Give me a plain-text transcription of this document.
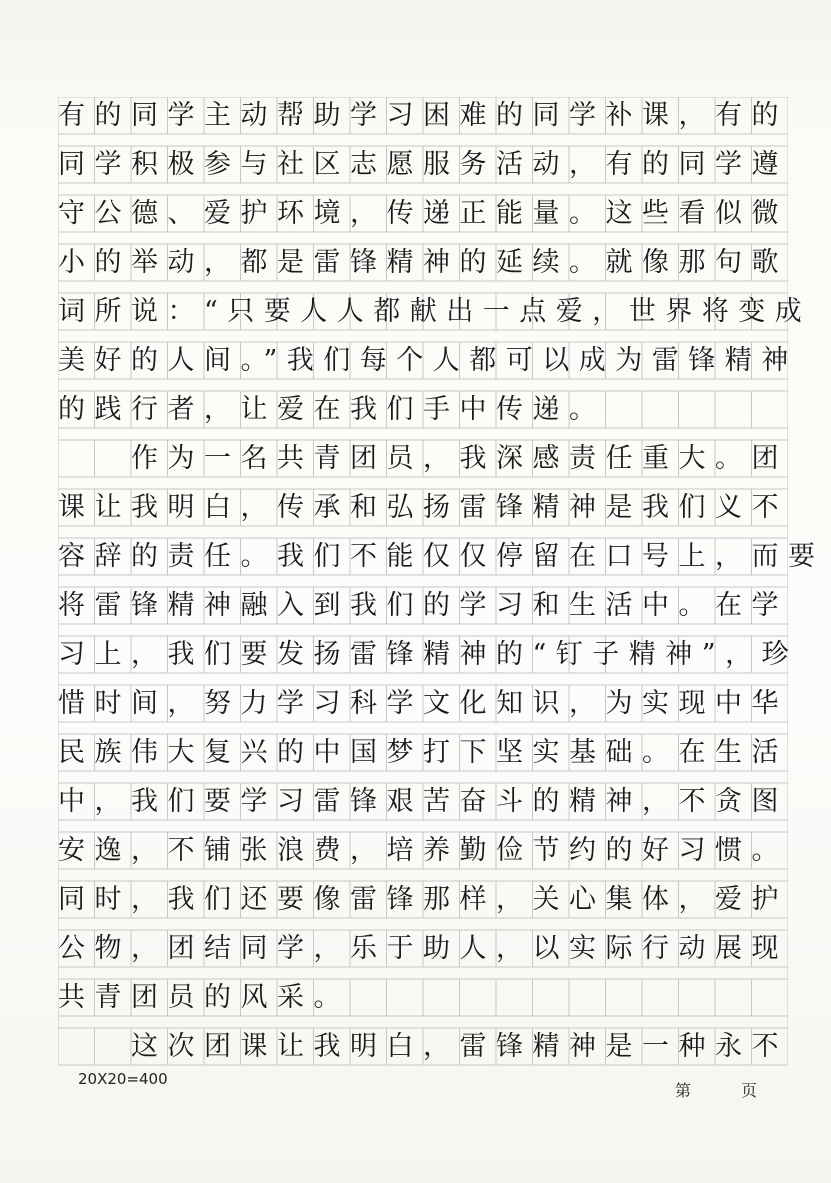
有的同学主动帮助学习困难的同学补课，有的
同学积极参与社区志愿服务活动，有的同学遵
守公德、爱护环境，传递正能量。这些看似微
小的举动，都是雷锋精神的延续。就像那句歌
词所说：“只要人人都献出一点爱，世界将变成
美好的人间。”我们每个人都可以成为雷锋精神
的践行者，让爱在我们手中传递。
　　作为一名共青团员，我深感责任重大。团
课让我明白，传承和弘扬雷锋精神是我们义不
容辞的责任。我们不能仅仅停留在口号上，而要
将雷锋精神融入到我们的学习和生活中。在学
习上，我们要发扬雷锋精神的“钉子精神”，珍
惜时间，努力学习科学文化知识，为实现中华
民族伟大复兴的中国梦打下坚实基础。在生活
中，我们要学习雷锋艰苦奋斗的精神，不贪图
安逸，不铺张浪费，培养勤俭节约的好习惯。
同时，我们还要像雷锋那样，关心集体，爱护
公物，团结同学，乐于助人，以实际行动展现
共青团员的风采。
　　这次团课让我明白，雷锋精神是一种永不
20X20=400
第	页
